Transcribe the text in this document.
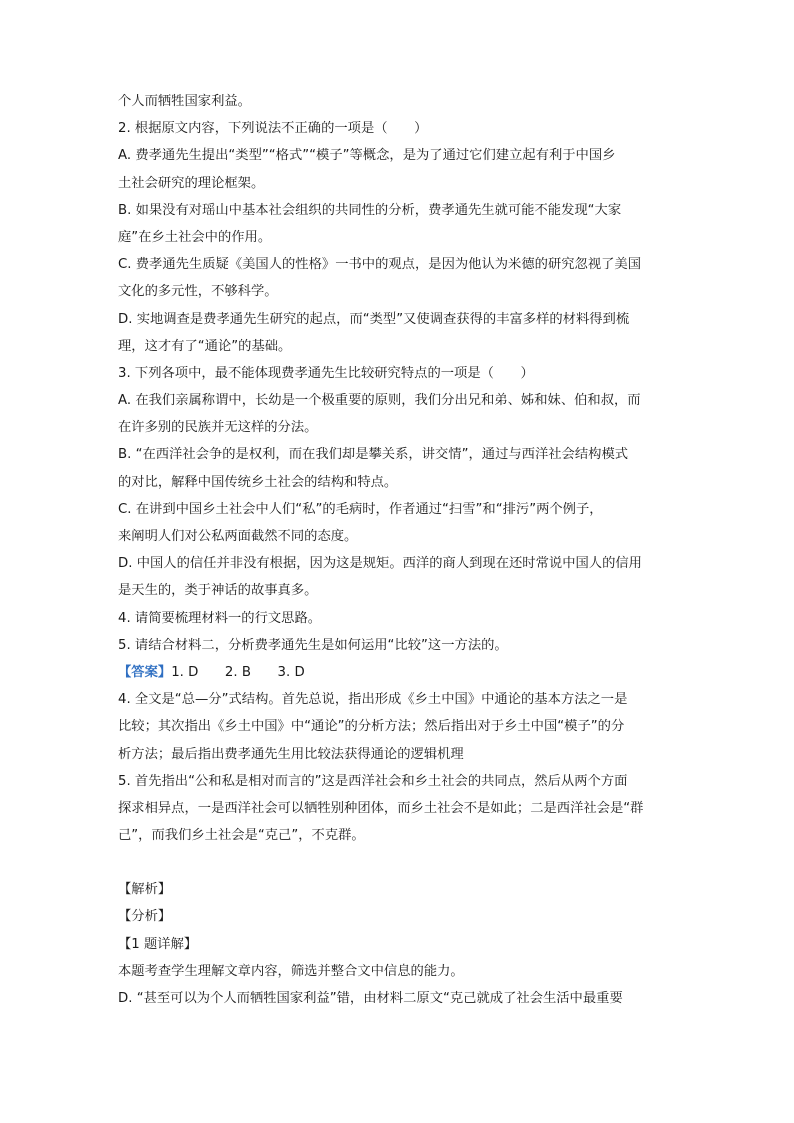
个人而牺牲国家利益。
2. 根据原文内容，下列说法不正确的一项是（　　）
A. 费孝通先生提出“类型”“格式”“模子”等概念，是为了通过它们建立起有利于中国乡
土社会研究的理论框架。
B. 如果没有对瑶山中基本社会组织的共同性的分析，费孝通先生就可能不能发现“大家
庭”在乡土社会中的作用。
C. 费孝通先生质疑《美国人的性格》一书中的观点，是因为他认为米德的研究忽视了美国
文化的多元性，不够科学。
D. 实地调查是费孝通先生研究的起点，而“类型”又使调查获得的丰富多样的材料得到梳
理，这才有了“通论”的基础。
3. 下列各项中，最不能体现费孝通先生比较研究特点的一项是（　　）
A. 在我们亲属称谓中，长幼是一个极重要的原则，我们分出兄和弟、姊和妹、伯和叔，而
在许多别的民族并无这样的分法。
B. “在西洋社会争的是权利，而在我们却是攀关系，讲交情”，通过与西洋社会结构模式
的对比，解释中国传统乡土社会的结构和特点。
C. 在讲到中国乡土社会中人们“私”的毛病时，作者通过“扫雪”和“排污”两个例子，
来阐明人们对公私两面截然不同的态度。
D. 中国人的信任并非没有根据，因为这是规矩。西洋的商人到现在还时常说中国人的信用
是天生的，类于神话的故事真多。
4. 请简要梳理材料一的行文思路。
5. 请结合材料二，分析费孝通先生是如何运用“比较”这一方法的。
【答案】1. D　　2. B　　3. D
4. 全文是“总—分”式结构。首先总说，指出形成《乡土中国》中通论的基本方法之一是
比较；其次指出《乡土中国》中“通论”的分析方法；然后指出对于乡土中国“模子”的分
析方法；最后指出费孝通先生用比较法获得通论的逻辑机理
5. 首先指出“公和私是相对而言的”这是西洋社会和乡土社会的共同点，然后从两个方面
探求相异点，一是西洋社会可以牺牲别种团体，而乡土社会不是如此；二是西洋社会是“群
己”，而我们乡土社会是“克己”，不克群。
【解析】
【分析】
【1 题详解】
本题考查学生理解文章内容，筛选并整合文中信息的能力。
D. “甚至可以为个人而牺牲国家利益”错，由材料二原文“克己就成了社会生活中最重要
